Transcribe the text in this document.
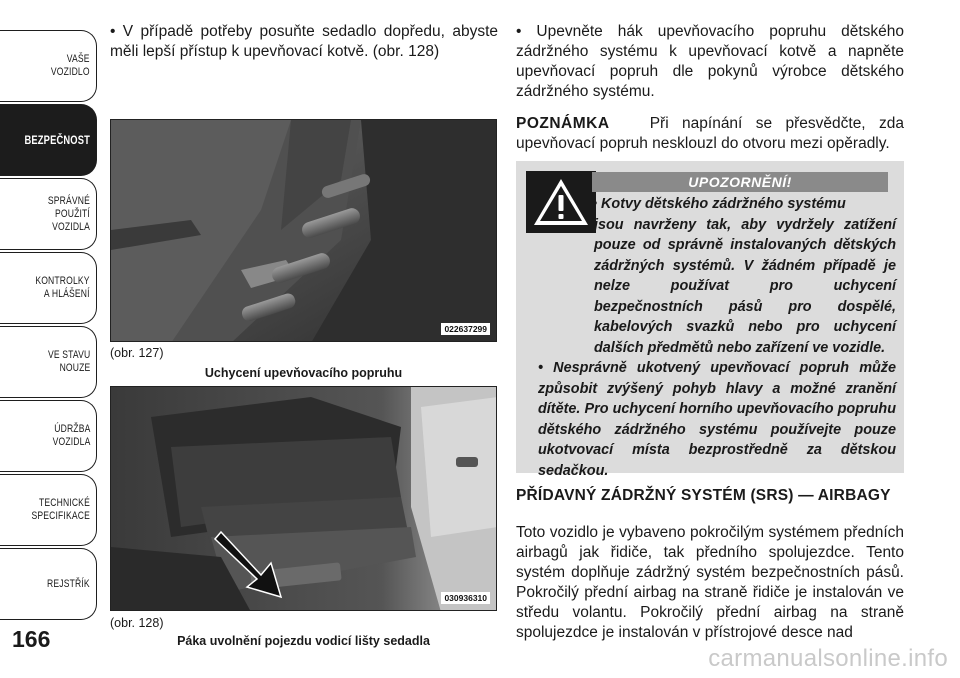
VAŠE
VOZIDLO
BEZPEČNOST
SPRÁVNÉ
POUŽITÍ
VOZIDLA
KONTROLKY
A HLÁŠENÍ
VE STAVU
NOUZE
ÚDRŽBA
VOZIDLA
TECHNICKÉ
SPECIFIKACE
REJSTŘÍK
166

• V případě potřeby posuňte sedadlo dopředu, abyste měli lepší přístup k upevňovací kotvě. (obr. 128)

022637299
(obr. 127)
Uchycení upevňovacího popruhu
030936310
(obr. 128)
Páka uvolnění pojezdu vodicí lišty sedadla

• Upevněte hák upevňovacího popruhu dětského zádržného systému k upevňovací kotvě a napněte upevňovací popruh dle pokynů výrobce dětského zádržného systému.

POZNÁMKA	Při napínání se přesvědčte, zda upevňovací popruh nesklouzl do otvoru mezi opěradly.

UPOZORNĚNÍ!

• Kotvy dětského zádržného systému

jsou navrženy tak, aby vydržely zatížení pouze od správně instalovaných dětských zádržných systémů. V žádném případě je nelze používat pro uchycení bezpečnostních pásů pro dospělé, kabelových svazků nebo pro uchycení dalších předmětů nebo zařízení ve vozidle.

• Nesprávně ukotvený upevňovací popruh může způsobit zvýšený pohyb hlavy a možné zranění dítěte. Pro uchycení horního upevňovacího popruhu dětského zádržného systému používejte pouze ukotvovací místa bezprostředně za dětskou sedačkou.

PŘÍDAVNÝ ZÁDRŽNÝ SYSTÉM (SRS) — AIRBAGY

Toto vozidlo je vybaveno pokročilým systémem předních airbagů jak řidiče, tak předního spolujezdce. Tento systém doplňuje zádržný systém bezpečnostních pásů. Pokročilý přední airbag na straně řidiče je instalován ve středu volantu. Pokročilý přední airbag na straně spolujezdce je instalován v přístrojové desce nad

carmanualsonline.info
